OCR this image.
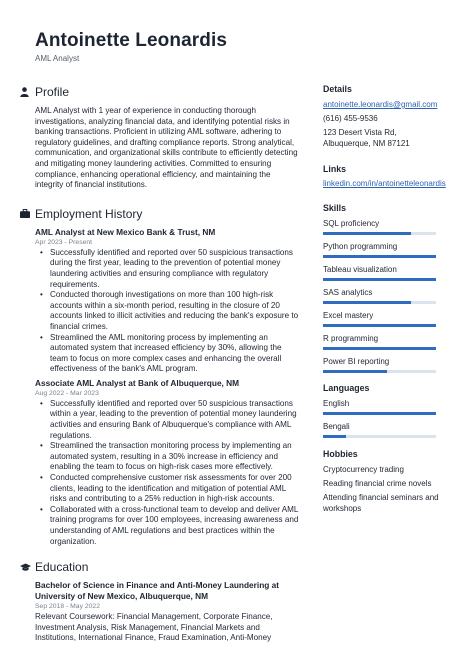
Antoinette Leonardis
AML Analyst
Profile

AML Analyst with 1 year of experience in conducting thorough investigations, analyzing financial data, and identifying potential risks in banking transactions. Proficient in utilizing AML software, adhering to regulatory guidelines, and drafting compliance reports. Strong analytical, communication, and organizational skills contribute to efficiently detecting and mitigating money laundering activities. Committed to ensuring compliance, enhancing operational efficiency, and maintaining the integrity of financial institutions.

Employment History
AML Analyst at New Mexico Bank & Trust, NM
Apr 2023 - Present
• Successfully identified and reported over 50 suspicious transactions during the first year, leading to the prevention of potential money laundering activities and ensuring compliance with regulatory requirements.
• Conducted thorough investigations on more than 100 high-risk accounts within a six-month period, resulting in the closure of 20 accounts linked to illicit activities and reducing the bank's exposure to financial crimes.
• Streamlined the AML monitoring process by implementing an automated system that increased efficiency by 30%, allowing the team to focus on more complex cases and enhancing the overall effectiveness of the bank's AML program.
Associate AML Analyst at Bank of Albuquerque, NM
Aug 2022 - Mar 2023
• Successfully identified and reported over 50 suspicious transactions within a year, leading to the prevention of potential money laundering activities and ensuring Bank of Albuquerque's compliance with AML regulations.
• Streamlined the transaction monitoring process by implementing an automated system, resulting in a 30% increase in efficiency and enabling the team to focus on high-risk cases more effectively.
• Conducted comprehensive customer risk assessments for over 200 clients, leading to the identification and mitigation of potential AML risks and contributing to a 25% reduction in high-risk accounts.
• Collaborated with a cross-functional team to develop and deliver AML training programs for over 100 employees, increasing awareness and understanding of AML regulations and best practices within the organization.
Education
Bachelor of Science in Finance and Anti-Money Laundering at University of New Mexico, Albuquerque, NM
Sep 2018 - May 2022

Relevant Coursework: Financial Management, Corporate Finance, Investment Analysis, Risk Management, Financial Markets and Institutions, International Finance, Fraud Examination, Anti-Money

Details
antoinette.leonardis@gmail.com
(616) 455-9536
123 Desert Vista Rd, Albuquerque, NM 87121
Links
linkedin.com/in/antoinetteleonardis
Skills
SQL proficiency
Python programming
Tableau visualization
SAS analytics
Excel mastery
R programming
Power BI reporting
Languages
English
Bengali
Hobbies
Cryptocurrency trading
Reading financial crime novels
Attending financial seminars and workshops
